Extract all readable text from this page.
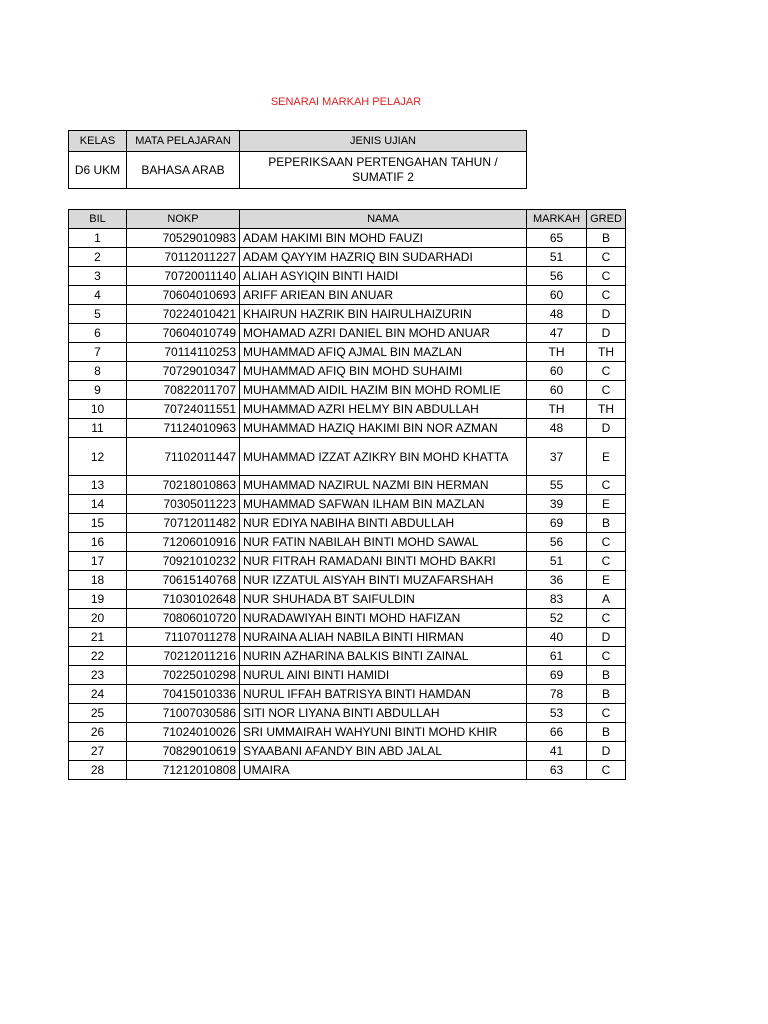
SENARAI MARKAH PELAJAR
KELAS	MATA PELAJARAN	JENIS UJIAN
D6 UKM	BAHASA ARAB	PEPERIKSAAN PERTENGAHAN TAHUN / SUMATIF 2
BIL	NOKP	NAMA	MARKAH	GRED
1	70529010983	ADAM HAKIMI BIN MOHD FAUZI	65	B
2	70112011227	ADAM QAYYIM HAZRIQ BIN SUDARHADI	51	C
3	70720011140	ALIAH ASYIQIN BINTI HAIDI	56	C
4	70604010693	ARIFF ARIEAN BIN ANUAR	60	C
5	70224010421	KHAIRUN HAZRIK BIN HAIRULHAIZURIN	48	D
6	70604010749	MOHAMAD AZRI DANIEL BIN MOHD ANUAR	47	D
7	70114110253	MUHAMMAD AFIQ AJMAL BIN MAZLAN	TH	TH
8	70729010347	MUHAMMAD AFIQ BIN MOHD SUHAIMI	60	C
9	70822011707	MUHAMMAD AIDIL HAZIM BIN MOHD ROMLIE	60	C
10	70724011551	MUHAMMAD AZRI HELMY BIN ABDULLAH	TH	TH
11	71124010963	MUHAMMAD HAZIQ HAKIMI BIN NOR AZMAN	48	D
12	71102011447	MUHAMMAD IZZAT AZIKRY BIN MOHD KHATTA	37	E
13	70218010863	MUHAMMAD NAZIRUL NAZMI BIN HERMAN	55	C
14	70305011223	MUHAMMAD SAFWAN ILHAM BIN MAZLAN	39	E
15	70712011482	NUR EDIYA NABIHA BINTI ABDULLAH	69	B
16	71206010916	NUR FATIN NABILAH BINTI MOHD SAWAL	56	C
17	70921010232	NUR FITRAH RAMADANI BINTI MOHD BAKRI	51	C
18	70615140768	NUR IZZATUL AISYAH BINTI MUZAFARSHAH	36	E
19	71030102648	NUR SHUHADA BT SAIFULDIN	83	A
20	70806010720	NURADAWIYAH BINTI MOHD HAFIZAN	52	C
21	71107011278	NURAINA ALIAH NABILA BINTI HIRMAN	40	D
22	70212011216	NURIN AZHARINA BALKIS BINTI ZAINAL	61	C
23	70225010298	NURUL AINI BINTI HAMIDI	69	B
24	70415010336	NURUL IFFAH BATRISYA BINTI HAMDAN	78	B
25	71007030586	SITI NOR LIYANA BINTI ABDULLAH	53	C
26	71024010026	SRI UMMAIRAH WAHYUNI BINTI MOHD KHIR	66	B
27	70829010619	SYAABANI AFANDY BIN ABD JALAL	41	D
28	71212010808	UMAIRA	63	C
